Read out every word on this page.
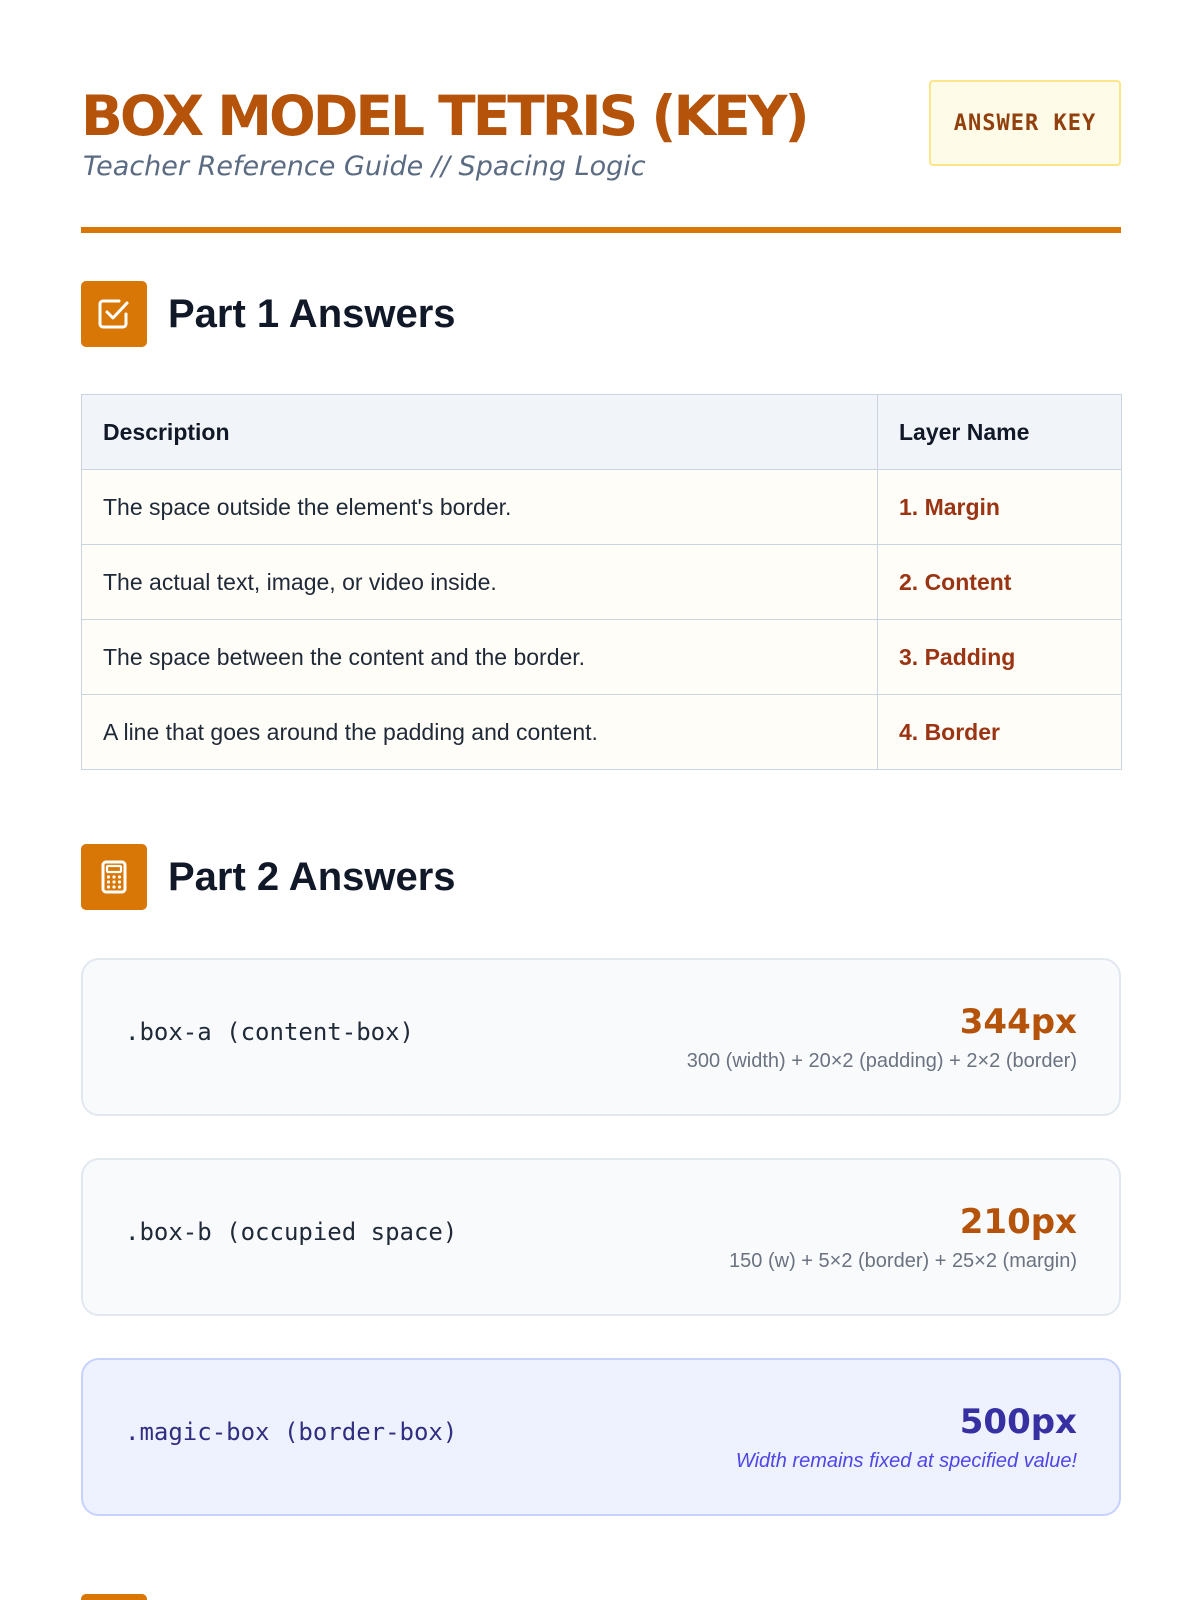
BOX MODEL TETRIS (KEY)
Teacher Reference Guide // Spacing Logic
ANSWER KEY
Part 1 Answers
Description	Layer Name
The space outside the element's border.	1. Margin
The actual text, image, or video inside.	2. Content
The space between the content and the border.	3. Padding
A line that goes around the padding and content.	4. Border
Part 2 Answers
.box-a (content-box)	344px
300 (width) + 20×2 (padding) + 2×2 (border)
.box-b (occupied space)	210px
150 (w) + 5×2 (border) + 25×2 (margin)
.magic-box (border-box)	500px
Width remains fixed at specified value!
